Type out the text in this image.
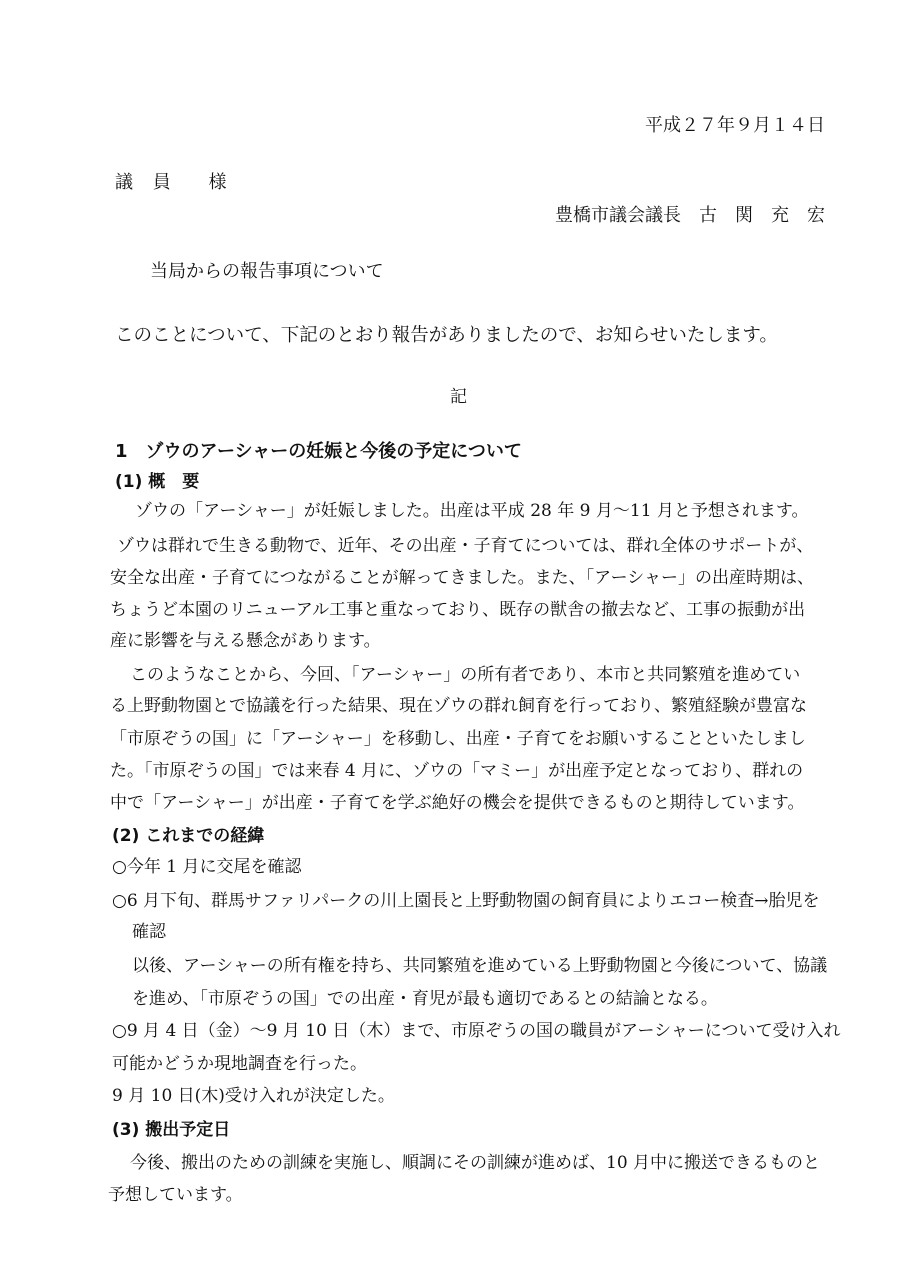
平成２７年９月１４日
議 員　 様
豊橋市議会議長　古　関　充　宏
当局からの報告事項について
このことについて、下記のとおり報告がありましたので、お知らせいたします。
記
1　ゾウのアーシャーの妊娠と今後の予定について
(1) 概　要
ゾウの「アーシャー」が妊娠しました。出産は平成 28 年 9 月～11 月と予想されます。
ゾウは群れで生きる動物で、近年、その出産・子育てについては、群れ全体のサポートが、
安全な出産・子育てにつながることが解ってきました。また、「アーシャー」の出産時期は、
ちょうど本園のリニューアル工事と重なっており、既存の獣舎の撤去など、工事の振動が出
産に影響を与える懸念があります。
このようなことから、今回、「アーシャー」の所有者であり、本市と共同繁殖を進めてい
る上野動物園とで協議を行った結果、現在ゾウの群れ飼育を行っており、繁殖経験が豊富な
「市原ぞうの国」に「アーシャー」を移動し、出産・子育てをお願いすることといたしまし
た。「市原ぞうの国」では来春 4 月に、ゾウの「マミー」が出産予定となっており、群れの
中で「アーシャー」が出産・子育てを学ぶ絶好の機会を提供できるものと期待しています。
(2) これまでの経緯
○今年 1 月に交尾を確認
○6 月下旬、群馬サファリパークの川上園長と上野動物園の飼育員によりエコー検査→胎児を
確認
以後、アーシャーの所有権を持ち、共同繁殖を進めている上野動物園と今後について、協議
を進め、「市原ぞうの国」での出産・育児が最も適切であるとの結論となる。
○9 月 4 日（金）～9 月 10 日（木）まで、市原ぞうの国の職員がアーシャーについて受け入れ
可能かどうか現地調査を行った。
9 月 10 日(木)受け入れが決定した。
(3) 搬出予定日
今後、搬出のための訓練を実施し、順調にその訓練が進めば、10 月中に搬送できるものと
予想しています。
